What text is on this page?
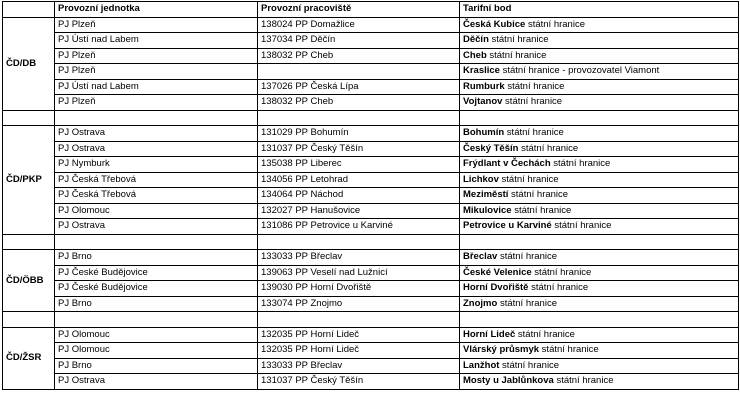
	Provozní jednotka	Provozní pracoviště	Tarifní bod
ČD/DB	PJ Plzeň	138024 PP Domažlice	Česká Kubice státní hranice
	PJ Ústí nad Labem	137034 PP Děčín	Děčín státní hranice
	PJ Plzeň	138032 PP Cheb	Cheb státní hranice
	PJ Plzeň		Kraslice státní hranice - provozovatel Viamont
	PJ Ústí nad Labem	137026 PP Česká Lípa	Rumburk státní hranice
	PJ Plzeň	138032 PP Cheb	Vojtanov státní hranice

ČD/PKP	PJ Ostrava	131029 PP Bohumín	Bohumín státní hranice
	PJ Ostrava	131037 PP Český Těšín	Český Těšín státní hranice
	PJ Nymburk	135038 PP Liberec	Frýdlant v Čechách státní hranice
	PJ Česká Třebová	134056 PP Letohrad	Lichkov státní hranice
	PJ Česká Třebová	134064 PP Náchod	Meziměstí státní hranice
	PJ Olomouc	132027 PP Hanušovice	Mikulovice státní hranice
	PJ Ostrava	131086 PP Petrovice u Karviné	Petrovice u Karviné státní hranice

ČD/ÖBB	PJ Brno	133033 PP Břeclav	Břeclav státní hranice
	PJ České Budějovice	139063 PP Veselí nad Lužnicí	České Velenice státní hranice
	PJ České Budějovice	139030 PP Horní Dvořiště	Horní Dvořiště státní hranice
	PJ Brno	133074 PP Znojmo	Znojmo státní hranice

ČD/ŽSR	PJ Olomouc	132035 PP Horní Lideč	Horní Lideč státní hranice
	PJ Olomouc	132035 PP Horní Lideč	Vlárský průsmyk státní hranice
	PJ Brno	133033 PP Břeclav	Lanžhot státní hranice
	PJ Ostrava	131037 PP Český Těšín	Mosty u Jablůnkova státní hranice
